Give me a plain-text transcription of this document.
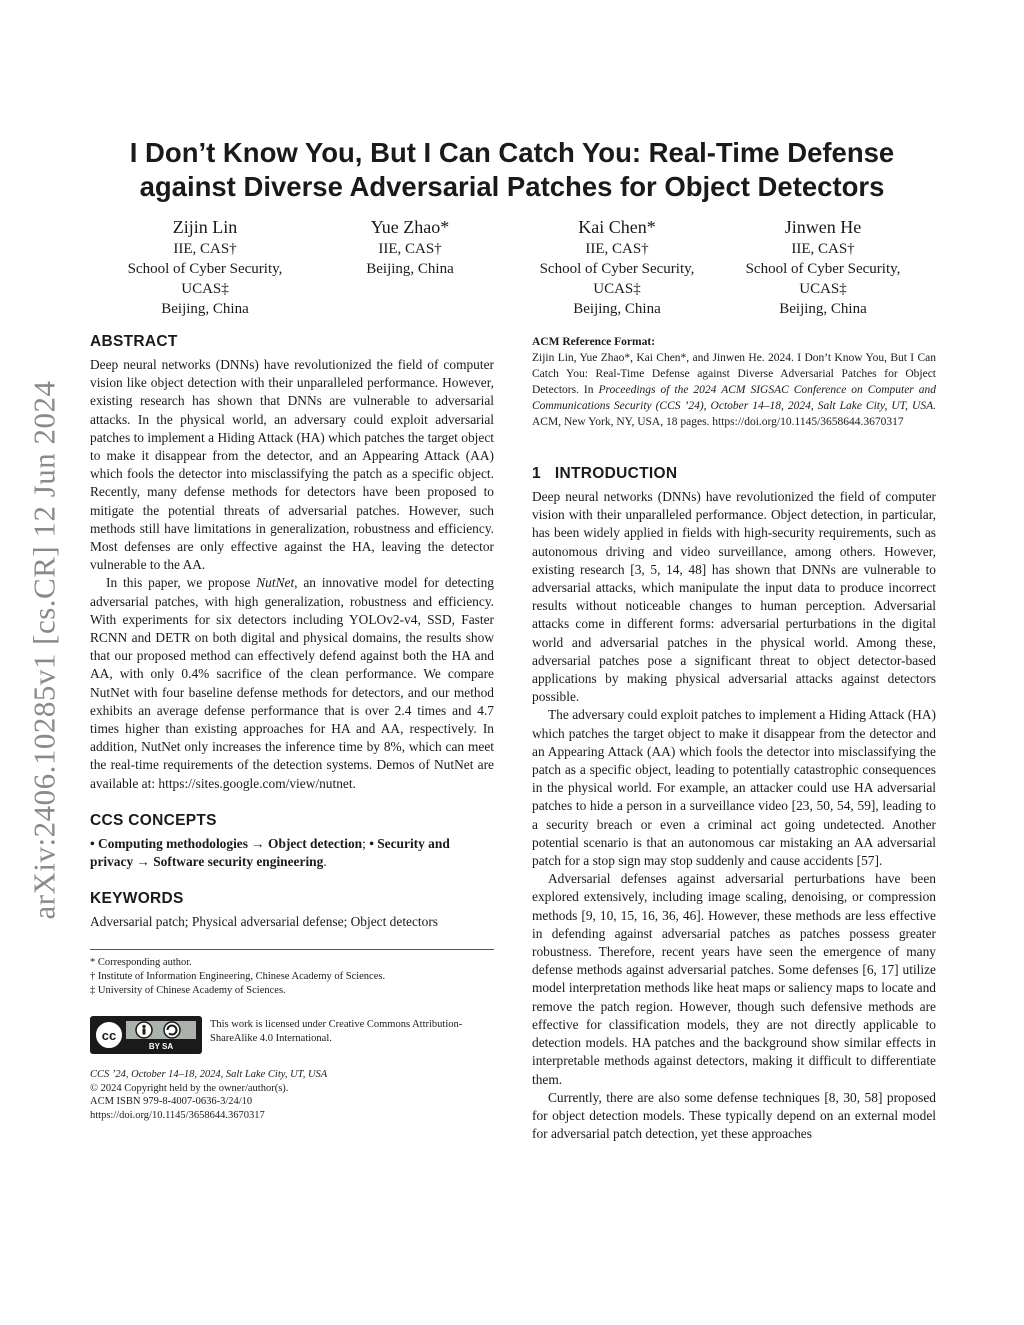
arXiv:2406.10285v1 [cs.CR] 12 Jun 2024
I Don’t Know You, But I Can Catch You: Real-Time Defense
against Diverse Adversarial Patches for Object Detectors
Zijin Lin
IIE, CAS†
School of Cyber Security,
UCAS‡
Beijing, China
Yue Zhao*
IIE, CAS†
Beijing, China
Kai Chen*
IIE, CAS†
School of Cyber Security,
UCAS‡
Beijing, China
Jinwen He
IIE, CAS†
School of Cyber Security,
UCAS‡
Beijing, China
ABSTRACT

Deep neural networks (DNNs) have revolutionized the field of computer vision like object detection with their unparalleled performance. However, existing research has shown that DNNs are vulnerable to adversarial attacks. In the physical world, an adversary could exploit adversarial patches to implement a Hiding Attack (HA) which patches the target object to make it disappear from the detector, and an Appearing Attack (AA) which fools the detector into misclassifying the patch as a specific object. Recently, many defense methods for detectors have been proposed to mitigate the potential threats of adversarial patches. However, such methods still have limitations in generalization, robustness and efficiency. Most defenses are only effective against the HA, leaving the detector vulnerable to the AA.

In this paper, we propose NutNet, an innovative model for detecting adversarial patches, with high generalization, robustness and efficiency. With experiments for six detectors including YOLOv2-v4, SSD, Faster RCNN and DETR on both digital and physical domains, the results show that our proposed method can effectively defend against both the HA and AA, with only 0.4% sacrifice of the clean performance. We compare NutNet with four baseline defense methods for detectors, and our method exhibits an average defense performance that is over 2.4 times and 4.7 times higher than existing approaches for HA and AA, respectively. In addition, NutNet only increases the inference time by 8%, which can meet the real-time requirements of the detection systems. Demos of NutNet are available at: https://sites.google.com/view/nutnet.

CCS CONCEPTS

• Computing methodologies → Object detection; • Security and privacy → Software security engineering.

KEYWORDS

Adversarial patch; Physical adversarial defense; Object detectors

* Corresponding author.
† Institute of Information Engineering, Chinese Academy of Sciences.
‡ University of Chinese Academy of Sciences.
cc
BY SA
This work is licensed under Creative Commons Attribution-ShareAlike 4.0 International.
CCS ’24, October 14–18, 2024, Salt Lake City, UT, USA
© 2024 Copyright held by the owner/author(s).
ACM ISBN 979-8-4007-0636-3/24/10
https://doi.org/10.1145/3658644.3670317
ACM Reference Format:

Zijin Lin, Yue Zhao*, Kai Chen*, and Jinwen He. 2024. I Don’t Know You, But I Can Catch You: Real-Time Defense against Diverse Adversarial Patches for Object Detectors. In Proceedings of the 2024 ACM SIGSAC Conference on Computer and Communications Security (CCS ’24), October 14–18, 2024, Salt Lake City, UT, USA. ACM, New York, NY, USA, 18 pages. https://doi.org/10.1145/3658644.3670317

1 INTRODUCTION

Deep neural networks (DNNs) have revolutionized the field of computer vision with their unparalleled performance. Object detection, in particular, has been widely applied in fields with high-security requirements, such as autonomous driving and video surveillance, among others. However, existing research [3, 5, 14, 48] has shown that DNNs are vulnerable to adversarial attacks, which manipulate the input data to produce incorrect results without noticeable changes to human perception. Adversarial attacks come in different forms: adversarial perturbations in the digital world and adversarial patches in the physical world. Among these, adversarial patches pose a significant threat to object detector-based applications by making physical adversarial attacks against detectors possible.

The adversary could exploit patches to implement a Hiding Attack (HA) which patches the target object to make it disappear from the detector and an Appearing Attack (AA) which fools the detector into misclassifying the patch as a specific object, leading to potentially catastrophic consequences in the physical world. For example, an attacker could use HA adversarial patches to hide a person in a surveillance video [23, 50, 54, 59], leading to a security breach or even a criminal act going undetected. Another potential scenario is that an autonomous car mistaking an AA adversarial patch for a stop sign may stop suddenly and cause accidents [57].

Adversarial defenses against adversarial perturbations have been explored extensively, including image scaling, denoising, or compression methods [9, 10, 15, 16, 36, 46]. However, these methods are less effective in defending against adversarial patches as patches possess greater robustness. Therefore, recent years have seen the emergence of many defense methods against adversarial patches. Some defenses [6, 17] utilize model interpretation methods like heat maps or saliency maps to locate and remove the patch region. However, though such defensive methods are effective for classification models, they are not directly applicable to detection models. HA patches and the background show similar effects in interpretable methods against detectors, making it difficult to differentiate them.

Currently, there are also some defense techniques [8, 30, 58] proposed for object detection models. These typically depend on an external model for adversarial patch detection, yet these approaches
